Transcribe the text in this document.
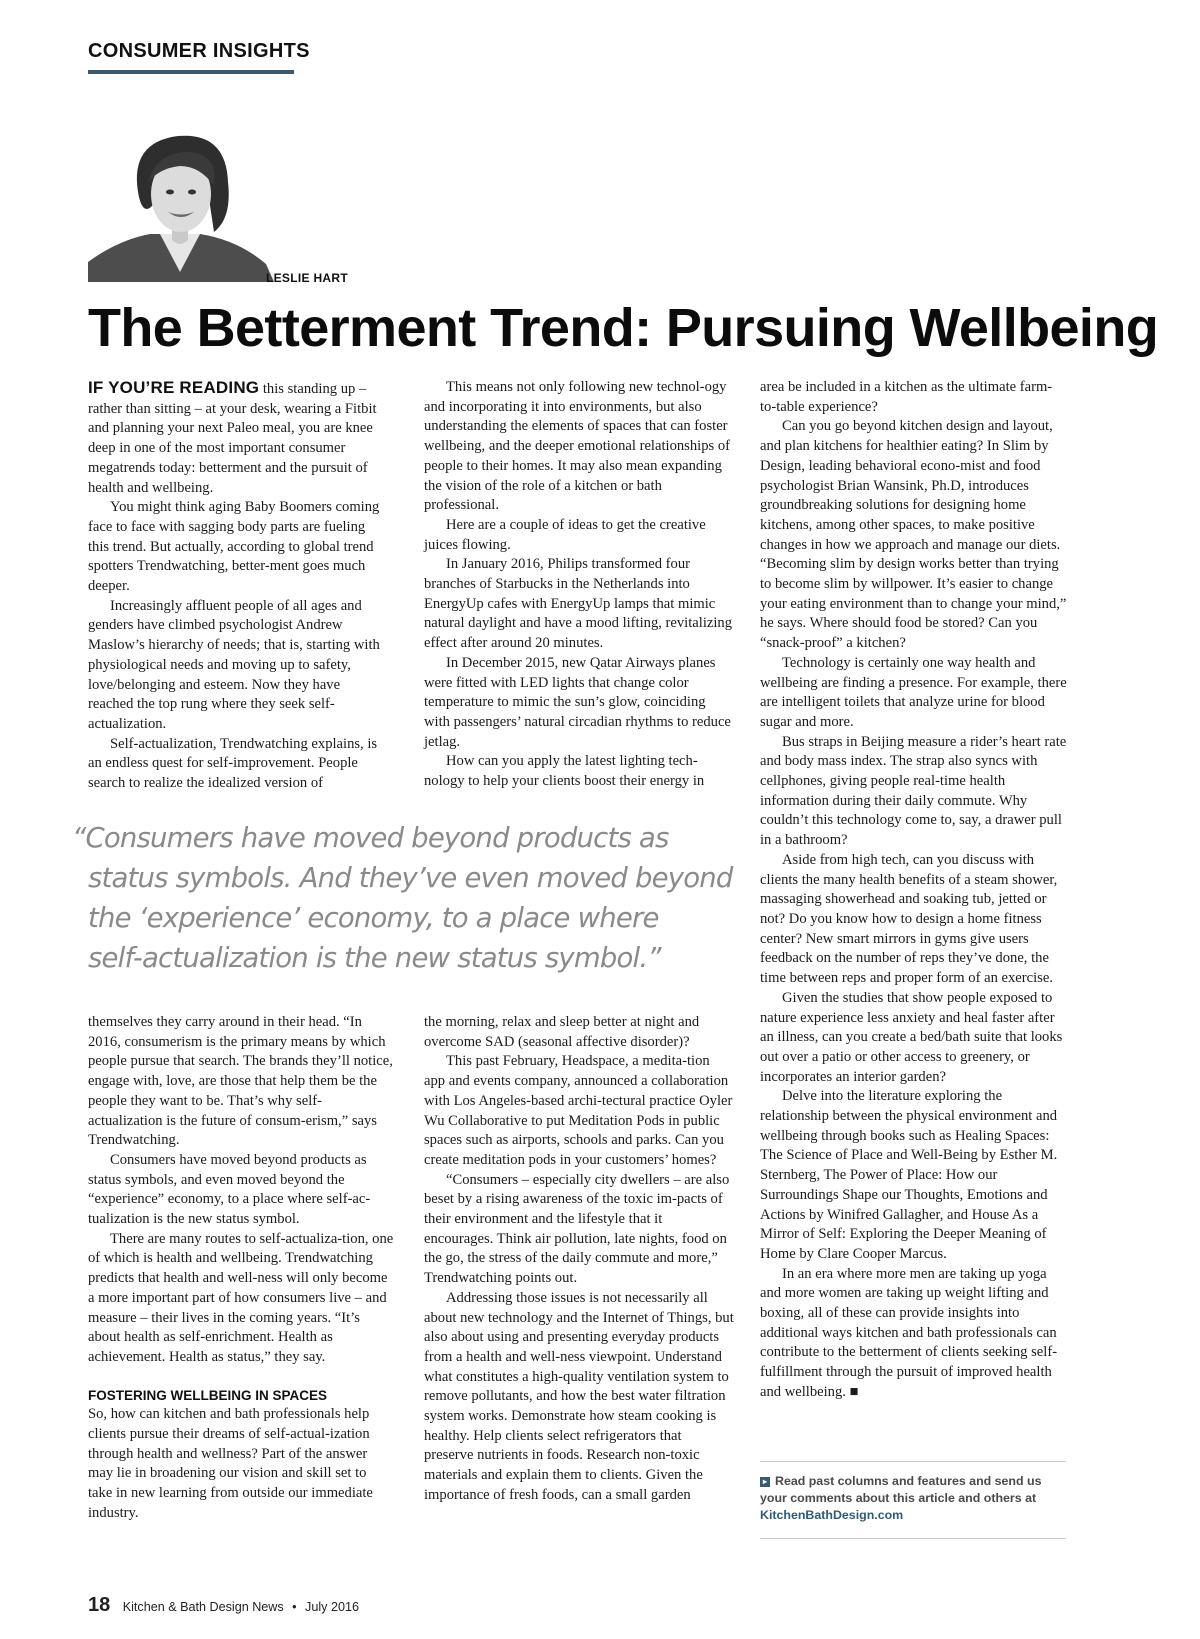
CONSUMER INSIGHTS
LESLIE HART
The Betterment Trend: Pursuing Wellbeing

IF YOU’RE READING this standing up – rather than sitting – at your desk, wearing a Fitbit and planning your next Paleo meal, you are knee deep in one of the most important consumer megatrends today: betterment and the pursuit of health and wellbeing.

You might think aging Baby Boomers coming face to face with sagging body parts are fueling this trend. But actually, according to global trend spotters Trendwatching, better-ment goes much deeper.

Increasingly affluent people of all ages and genders have climbed psychologist Andrew Maslow’s hierarchy of needs; that is, starting with physiological needs and moving up to safety, love/belonging and esteem. Now they have reached the top rung where they seek self-actualization.

Self-actualization, Trendwatching explains, is an endless quest for self-improvement. People search to realize the idealized version of

This means not only following new technol-ogy and incorporating it into environments, but also understanding the elements of spaces that can foster wellbeing, and the deeper emotional relationships of people to their homes. It may also mean expanding the vision of the role of a kitchen or bath professional.

Here are a couple of ideas to get the creative juices flowing.

In January 2016, Philips transformed four branches of Starbucks in the Netherlands into EnergyUp cafes with EnergyUp lamps that mimic natural daylight and have a mood lifting, revitalizing effect after around 20 minutes.

In December 2015, new Qatar Airways planes were fitted with LED lights that change color temperature to mimic the sun’s glow, coinciding with passengers’ natural circadian rhythms to reduce jetlag.

How can you apply the latest lighting tech-nology to help your clients boost their energy in

area be included in a kitchen as the ultimate farm-to-table experience?

Can you go beyond kitchen design and layout, and plan kitchens for healthier eating? In Slim by Design, leading behavioral econo-mist and food psychologist Brian Wansink, Ph.D, introduces groundbreaking solutions for designing home kitchens, among other spaces, to make positive changes in how we approach and manage our diets. “Becoming slim by design works better than trying to become slim by willpower. It’s easier to change your eating environment than to change your mind,” he says. Where should food be stored? Can you “snack-proof” a kitchen?

Technology is certainly one way health and wellbeing are finding a presence. For example, there are intelligent toilets that analyze urine for blood sugar and more.

Bus straps in Beijing measure a rider’s heart rate and body mass index. The strap also syncs with cellphones, giving people real-time health information during their daily commute. Why couldn’t this technology come to, say, a drawer pull in a bathroom?

Aside from high tech, can you discuss with clients the many health benefits of a steam shower, massaging showerhead and soaking tub, jetted or not? Do you know how to design a home fitness center? New smart mirrors in gyms give users feedback on the number of reps they’ve done, the time between reps and proper form of an exercise.

Given the studies that show people exposed to nature experience less anxiety and heal faster after an illness, can you create a bed/bath suite that looks out over a patio or other access to greenery, or incorporates an interior garden?

Delve into the literature exploring the relationship between the physical environment and wellbeing through books such as Healing Spaces: The Science of Place and Well-Being by Esther M. Sternberg, The Power of Place: How our Surroundings Shape our Thoughts, Emotions and Actions by Winifred Gallagher, and House As a Mirror of Self: Exploring the Deeper Meaning of Home by Clare Cooper Marcus.

In an era where more men are taking up yoga and more women are taking up weight lifting and boxing, all of these can provide insights into additional ways kitchen and bath professionals can contribute to the betterment of clients seeking self-fulfillment through the pursuit of improved health and wellbeing. ■

“Consumers have moved beyond products as
status symbols. And they’ve even moved beyond
the ‘experience’ economy, to a place where
self-actualization is the new status symbol.”

themselves they carry around in their head. “In 2016, consumerism is the primary means by which people pursue that search. The brands they’ll notice, engage with, love, are those that help them be the people they want to be. That’s why self-actualization is the future of consum-erism,” says Trendwatching.

Consumers have moved beyond products as status symbols, and even moved beyond the “experience” economy, to a place where self-ac-tualization is the new status symbol.

There are many routes to self-actualiza-tion, one of which is health and wellbeing. Trendwatching predicts that health and well-ness will only become a more important part of how consumers live – and measure – their lives in the coming years. “It’s about health as self-enrichment. Health as achievement. Health as status,” they say.

FOSTERING WELLBEING IN SPACES

So, how can kitchen and bath professionals help clients pursue their dreams of self-actual-ization through health and wellness? Part of the answer may lie in broadening our vision and skill set to take in new learning from outside our immediate industry.

the morning, relax and sleep better at night and overcome SAD (seasonal affective disorder)?

This past February, Headspace, a medita-tion app and events company, announced a collaboration with Los Angeles-based archi-tectural practice Oyler Wu Collaborative to put Meditation Pods in public spaces such as airports, schools and parks. Can you create meditation pods in your customers’ homes?

“Consumers – especially city dwellers – are also beset by a rising awareness of the toxic im-pacts of their environment and the lifestyle that it encourages. Think air pollution, late nights, food on the go, the stress of the daily commute and more,” Trendwatching points out.

Addressing those issues is not necessarily all about new technology and the Internet of Things, but also about using and presenting everyday products from a health and well-ness viewpoint. Understand what constitutes a high-quality ventilation system to remove pollutants, and how the best water filtration system works. Demonstrate how steam cooking is healthy. Help clients select refrigerators that preserve nutrients in foods. Research non-toxic materials and explain them to clients. Given the importance of fresh foods, can a small garden

▸ Read past columns and features and send us your comments about this article and others at KitchenBathDesign.com
18 Kitchen & Bath Design News • July 2016
